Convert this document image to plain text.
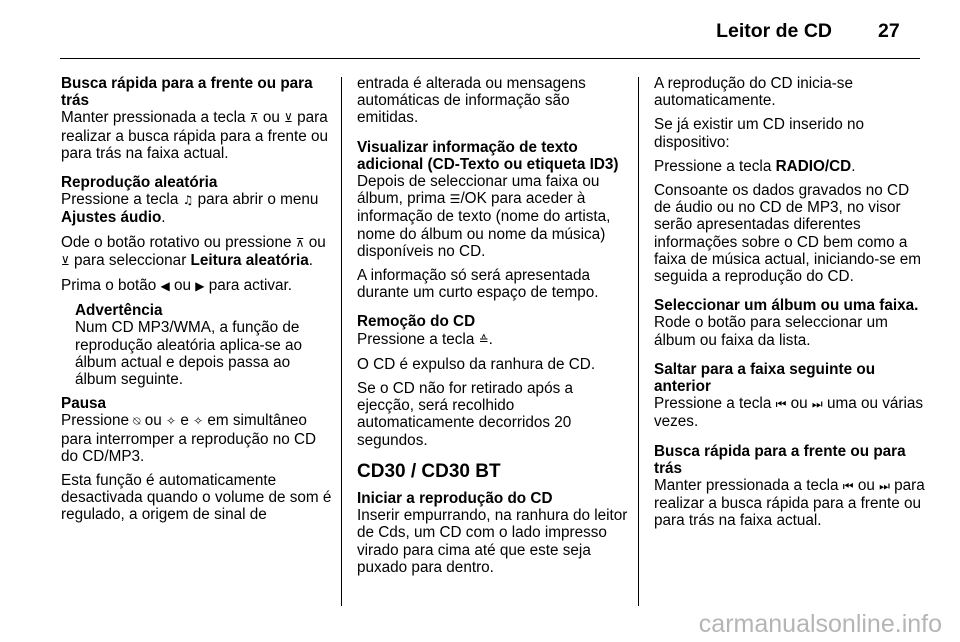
Leitor de CD 27

Busca rápida para a frente ou para trás

Manter pressionada a tecla ⊼ ou ⊻ para realizar a busca rápida para a frente ou para trás na faixa actual.

Reprodução aleatória

Pressione a tecla ♫ para abrir o menu Ajustes áudio.

Ode o botão rotativo ou pressione ⊼ ou ⊻ para seleccionar Leitura aleatória.

Prima o botão ◀ ou ▶ para activar.

Advertência

Num CD MP3/WMA, a função de reprodução aleatória aplica-se ao álbum actual e depois passa ao álbum seguinte.

Pausa

Pressione ⍉ ou ✧ e ✧ em simultâneo para interromper a reprodução no CD do CD/MP3.

Esta função é automaticamente desactivada quando o volume de som é regulado, a origem de sinal de

entrada é alterada ou mensagens automáticas de informação são emitidas.

Visualizar informação de texto adicional (CD-Texto ou etiqueta ID3)

Depois de seleccionar uma faixa ou álbum, prima ☰/OK para aceder à informação de texto (nome do artista, nome do álbum ou nome da música) disponíveis no CD.

A informação só será apresentada durante um curto espaço de tempo.

Remoção do CD

Pressione a tecla ≙.

O CD é expulso da ranhura de CD.

Se o CD não for retirado após a ejecção, será recolhido automaticamente decorridos 20 segundos.

CD30 / CD30 BT

Iniciar a reprodução do CD

Inserir empurrando, na ranhura do leitor de Cds, um CD com o lado impresso virado para cima até que este seja puxado para dentro.

A reprodução do CD inicia-se automaticamente.

Se já existir um CD inserido no dispositivo:

Pressione a tecla RADIO/CD.

Consoante os dados gravados no CD de áudio ou no CD de MP3, no visor serão apresentadas diferentes informações sobre o CD bem como a faixa de música actual, iniciando-se em seguida a reprodução do CD.

Seleccionar um álbum ou uma faixa.

Rode o botão para seleccionar um álbum ou faixa da lista.

Saltar para a faixa seguinte ou anterior

Pressione a tecla ⏮ ou ⏭ uma ou várias vezes.

Busca rápida para a frente ou para trás

Manter pressionada a tecla ⏮ ou ⏭ para realizar a busca rápida para a frente ou para trás na faixa actual.

carmanualsonline.info
